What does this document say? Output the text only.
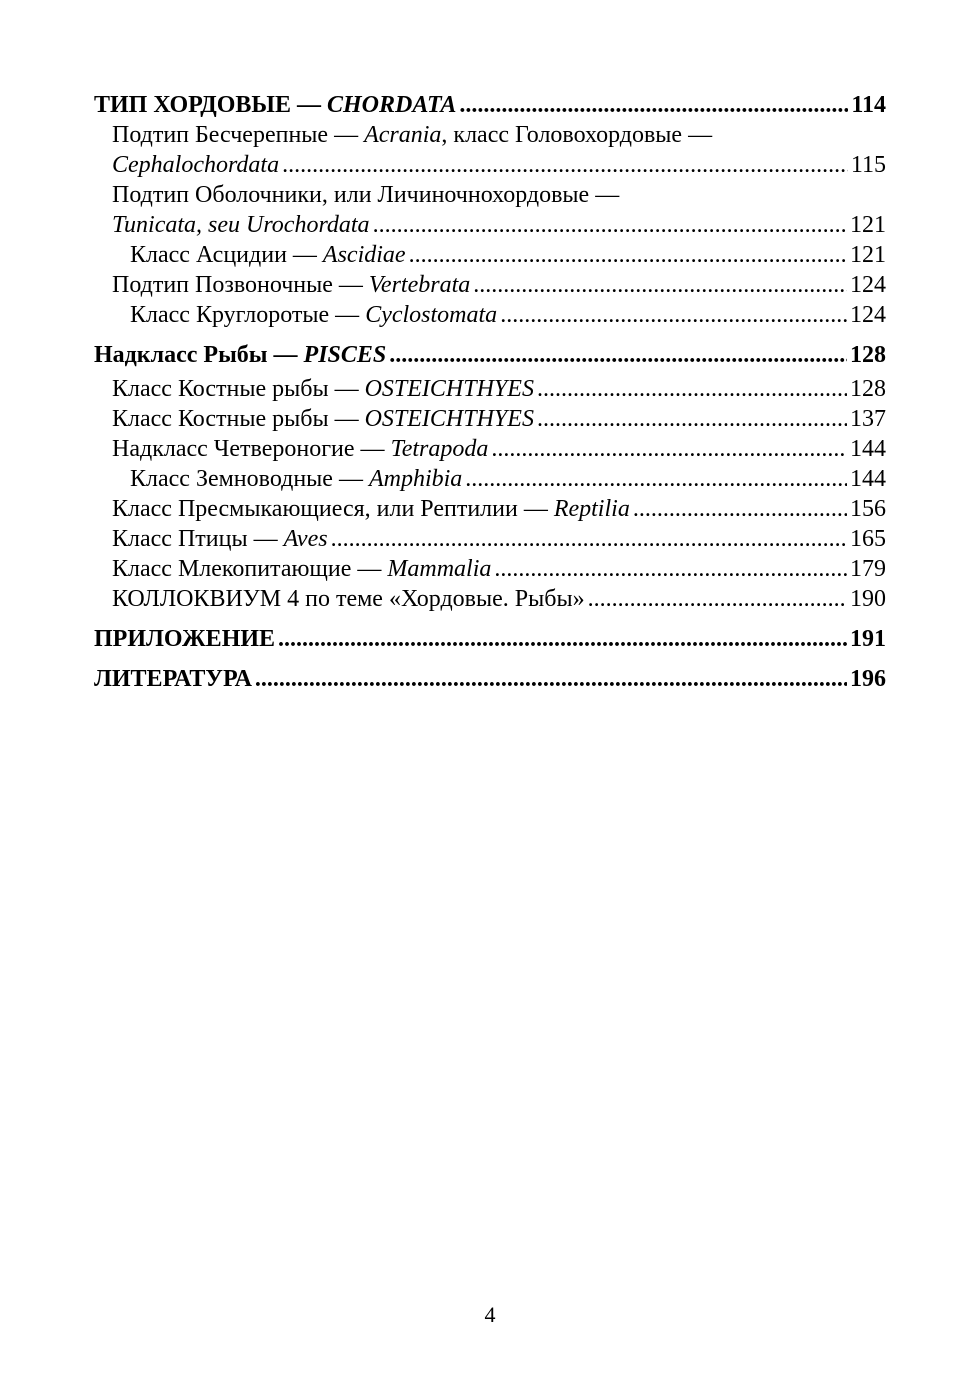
ТИП ХОРДОВЫЕ — CHORDATA .....	114
Подтип Бесчерепные — Acrania, класс Головохордовые —
Cephalochordata .....	115
Подтип Оболочники, или Личиночнохордовые —
Tunicata, seu Urochordata .....	121
Класс Асцидии — Ascidiae .....	121
Подтип Позвоночные — Vertebrata .....	124
Класс Круглоротые — Cyclostomata .....	124
Надкласс Рыбы — PISCES .....	128
Класс Костные рыбы — OSTEICHTHYES .....	128
Класс Костные рыбы — OSTEICHTHYES .....	137
Надкласс Четвероногие — Tetrapoda .....	144
Класс Земноводные — Amphibia .....	144
Класс Пресмыкающиеся, или Рептилии — Reptilia .....	156
Класс Птицы — Aves .....	165
Класс Млекопитающие — Mammalia .....	179
КОЛЛОКВИУМ 4 по теме «Хордовые. Рыбы» .....	190
ПРИЛОЖЕНИЕ .....	191
ЛИТЕРАТУРА .....	196
4
